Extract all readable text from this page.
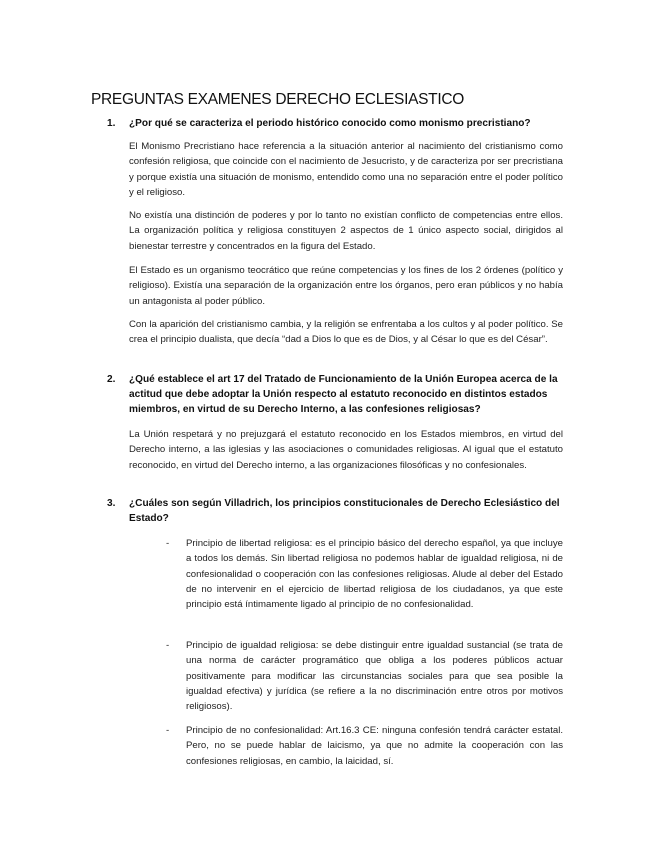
PREGUNTAS EXAMENES DERECHO ECLESIASTICO
1. ¿Por qué se caracteriza el periodo histórico conocido como monismo precristiano?
El Monismo Precristiano hace referencia a la situación anterior al nacimiento del cristianismo como confesión religiosa, que coincide con el nacimiento de Jesucristo, y de caracteriza por ser precristiana y porque existía una situación de monismo, entendido como una no separación entre el poder político y el religioso.
No existía una distinción de poderes y por lo tanto no existían conflicto de competencias entre ellos. La organización política y religiosa constituyen 2 aspectos de 1 único aspecto social, dirigidos al bienestar terrestre y concentrados en la figura del Estado.
El Estado es un organismo teocrático que reúne competencias y los fines de los 2 órdenes (político y religioso). Existía una separación de la organización entre los órganos, pero eran públicos y no había un antagonista al poder público.
Con la aparición del cristianismo cambia, y la religión se enfrentaba a los cultos y al poder político. Se crea el principio dualista, que decía “dad a Dios lo que es de Dios, y al César lo que es del César”.
2. ¿Qué establece el art 17 del Tratado de Funcionamiento de la Unión Europea acerca de la actitud que debe adoptar la Unión respecto al estatuto reconocido en distintos estados miembros, en virtud de su Derecho Interno, a las confesiones religiosas?
La Unión respetará y no prejuzgará el estatuto reconocido en los Estados miembros, en virtud del Derecho interno, a las iglesias y las asociaciones o comunidades religiosas. Al igual que el estatuto reconocido, en virtud del Derecho interno, a las organizaciones filosóficas y no confesionales.
3. ¿Cuáles son según Villadrich, los principios constitucionales de Derecho Eclesiástico del Estado?
- Principio de libertad religiosa: es el principio básico del derecho español, ya que incluye a todos los demás. Sin libertad religiosa no podemos hablar de igualdad religiosa, ni de confesionalidad o cooperación con las confesiones religiosas. Alude al deber del Estado de no intervenir en el ejercicio de libertad religiosa de los ciudadanos, ya que este principio está íntimamente ligado al principio de no confesionalidad.
- Principio de igualdad religiosa: se debe distinguir entre igualdad sustancial (se trata de una norma de carácter programático que obliga a los poderes públicos actuar positivamente para modificar las circunstancias sociales para que sea posible la igualdad efectiva) y jurídica (se refiere a la no discriminación entre otros por motivos religiosos).
- Principio de no confesionalidad: Art.16.3 CE: ninguna confesión tendrá carácter estatal. Pero, no se puede hablar de laicismo, ya que no admite la cooperación con las confesiones religiosas, en cambio, la laicidad, sí.
